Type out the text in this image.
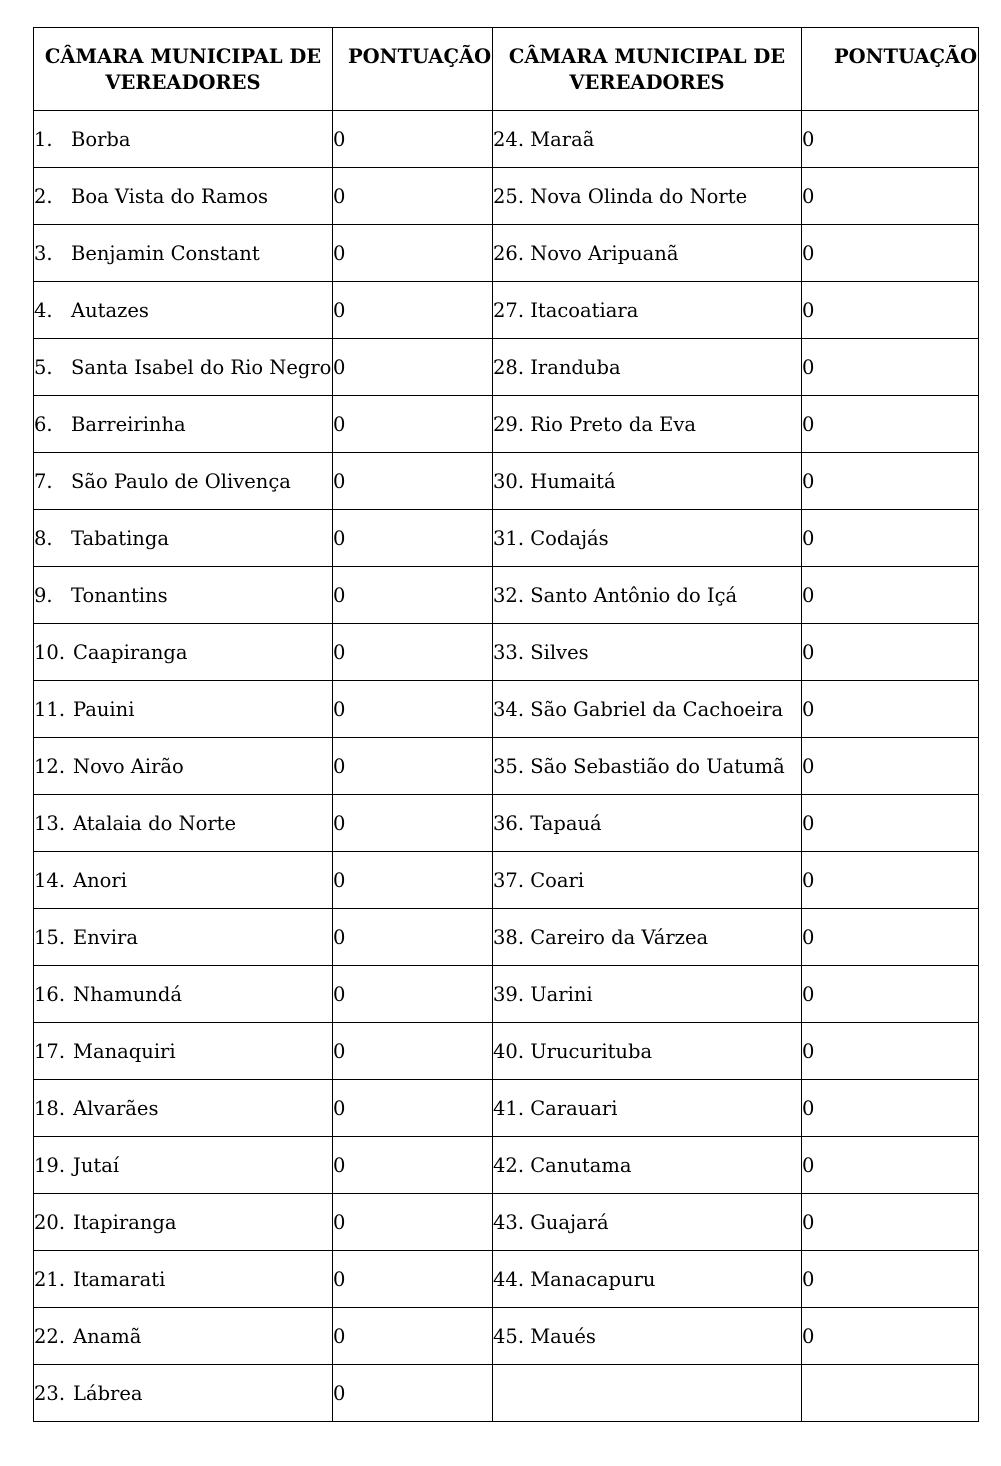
CÂMARA MUNICIPAL DE VEREADORES	PONTUAÇÃO	CÂMARA MUNICIPAL DE VEREADORES	PONTUAÇÃO
1. Borba	0	24. Maraã	0
2. Boa Vista do Ramos	0	25. Nova Olinda do Norte	0
3. Benjamin Constant	0	26. Novo Aripuanã	0
4. Autazes	0	27. Itacoatiara	0
5. Santa Isabel do Rio Negro	0	28. Iranduba	0
6. Barreirinha	0	29. Rio Preto da Eva	0
7. São Paulo de Olivença	0	30. Humaitá	0
8. Tabatinga	0	31. Codajás	0
9. Tonantins	0	32. Santo Antônio do Içá	0
10. Caapiranga	0	33. Silves	0
11. Pauini	0	34. São Gabriel da Cachoeira	0
12. Novo Airão	0	35. São Sebastião do Uatumã	0
13. Atalaia do Norte	0	36. Tapauá	0
14. Anori	0	37. Coari	0
15. Envira	0	38. Careiro da Várzea	0
16. Nhamundá	0	39. Uarini	0
17. Manaquiri	0	40. Urucurituba	0
18. Alvarães	0	41. Carauari	0
19. Jutaí	0	42. Canutama	0
20. Itapiranga	0	43. Guajará	0
21. Itamarati	0	44. Manacapuru	0
22. Anamã	0	45. Maués	0
23. Lábrea	0		
